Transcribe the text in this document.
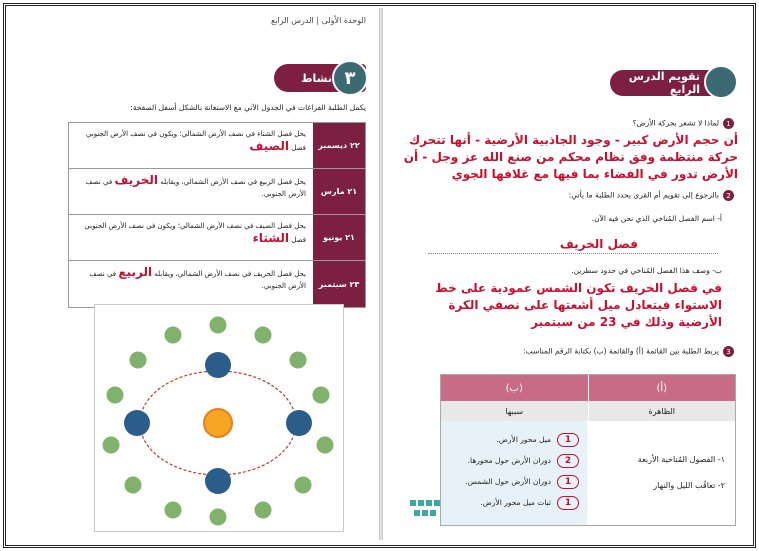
الوحدة الأولى | الدرس الرابع
نشاط ٣
يكمل الطلبة الفراغات في الجدول الآتي مع الاستعانة بالشكل أسفل الصفحة:
٢٢ ديسمبر
يحل فصل الشتاء في نصف الأرض الشمالي؛ ويكون في نصف الأرض الجنوبي فصل الصيف
٢١ مارس
يحل فصل الربيع في نصف الأرض الشمالي، ويقابله الخريف في نصف الأرض الجنوبي.
٢١ يونيو
يحل فصل الصيف في نصف الأرض الشمالي؛ ويكون في نصف الأرض الجنوبي فصل الشتاء
٢٣ سبتمبر
يحل فصل الخريف في نصف الأرض الشمالي، ويقابله الربيع في نصف الأرض الجنوبي.
تقويم الدرس الرابع
1لماذا لا تشعر بحركة الأرض؟
أن حجم الأرض كبير - وجود الجاذبية الأرضية - أنها تتحرك حركة منتظمة وفق نظام محكم من صنع الله عز وجل - أن الأرض تدور في الفضاء بما فيها مع غلافها الجوي
2بالرجوع إلى تقويم أم القرى يحدد الطلبة ما يأتي:
أ- اسم الفصل المُناخي الذي نحن فيه الآن.
فصل الخريف
ب- وصف هذا الفصل المُناخي في حدود سطرين.
في فصل الخريف تكون الشمس عمودية على خط الاستواء فيتعادل ميل أشعتها على نصفي الكرة الأرضية وذلك في 23 من سبتمبر
3يربط الطلبة بين القائمة (أ) والقائمة (ب) بكتابة الرقم المناسب:
(أ)
(ب)
الظاهرة
سببها
١- الفصول المُناخية الأربعة
٢- تعاقُب الليل والنهار
1ميل محور الأرض.
2دوران الأرض حول محورها.
1دوران الأرض حول الشمس.
1ثبات ميل محور الأرض.
